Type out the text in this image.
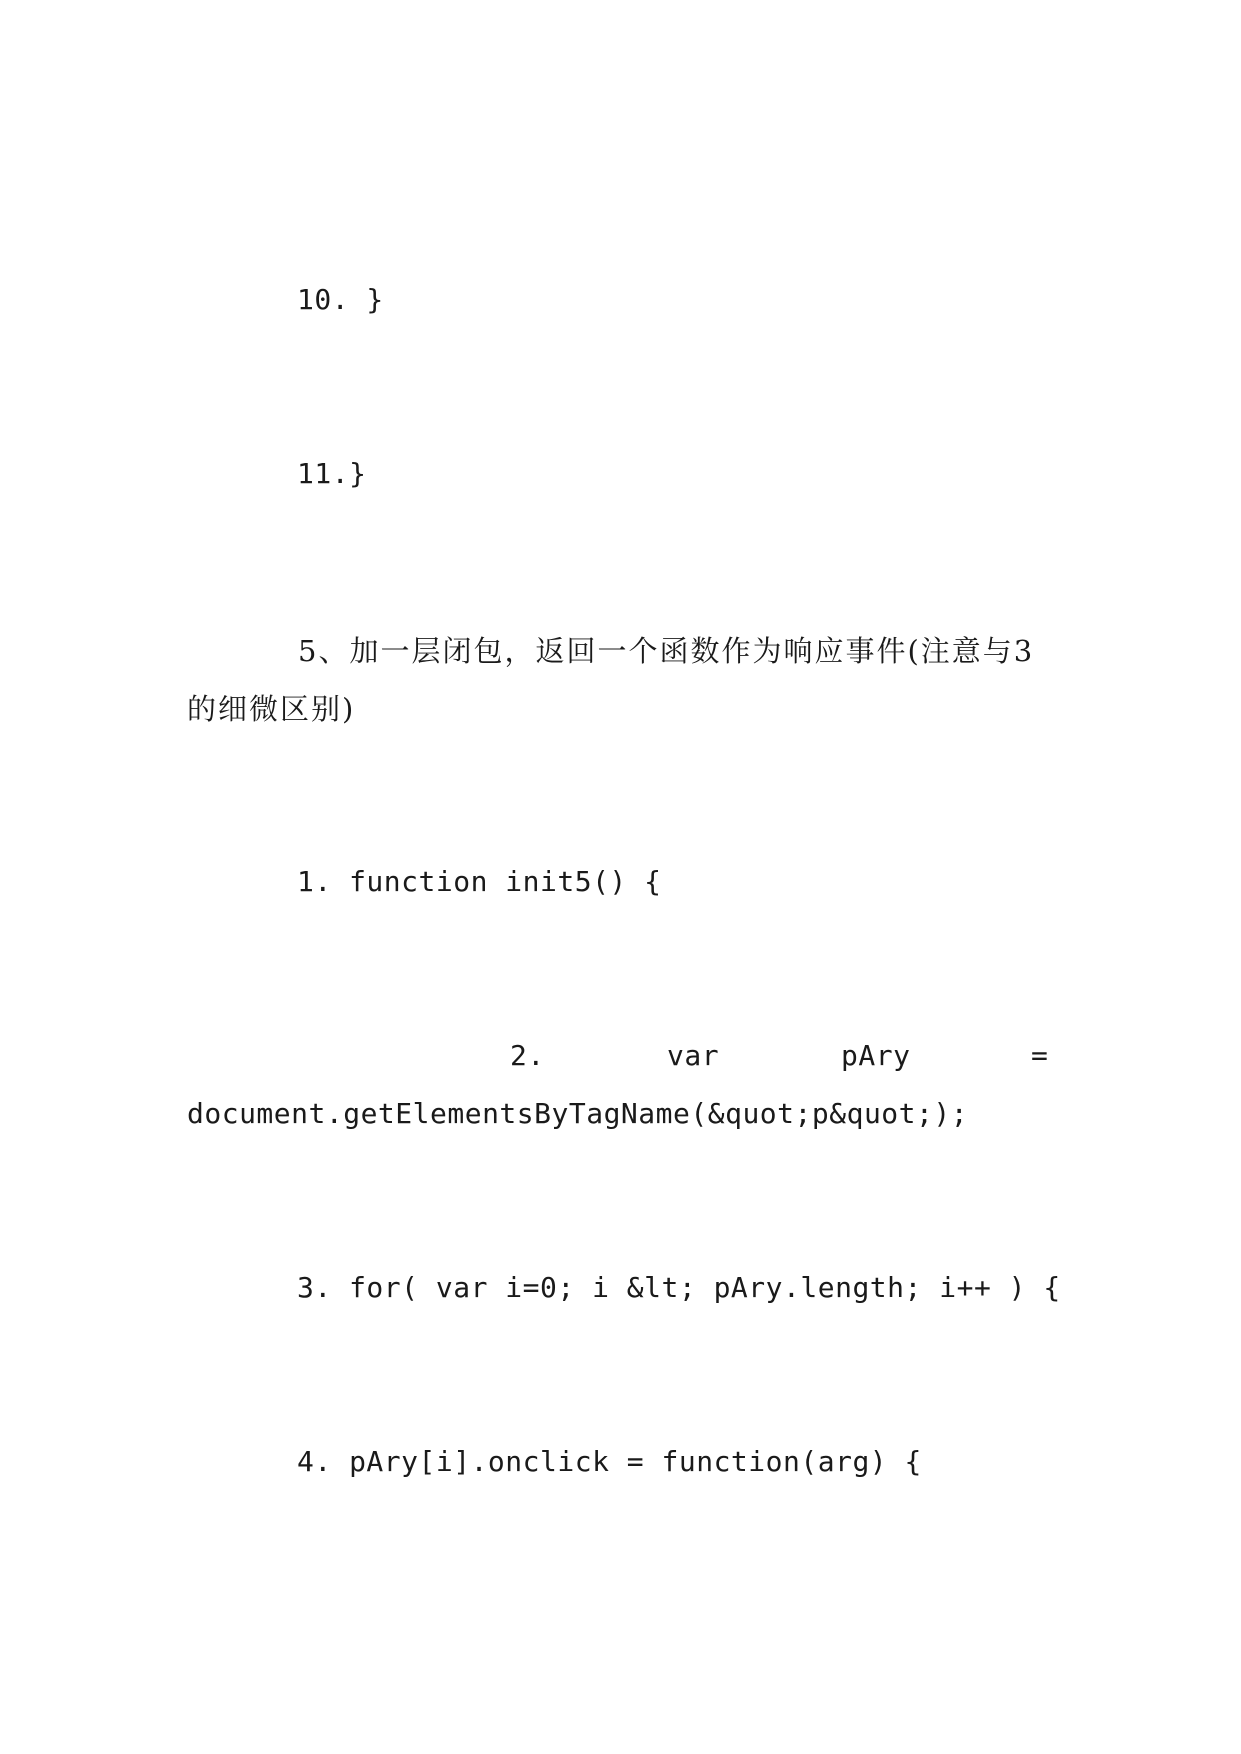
10. }
11.}
5、加一层闭包，返回一个函数作为响应事件(注意与3的细微区别)
1. function init5() {
2.	var	pAry	=
document.getElementsByTagName(&quot;p&quot;);
3. for( var i=0; i &lt; pAry.length; i++ ) {
4. pAry[i].onclick = function(arg) {
